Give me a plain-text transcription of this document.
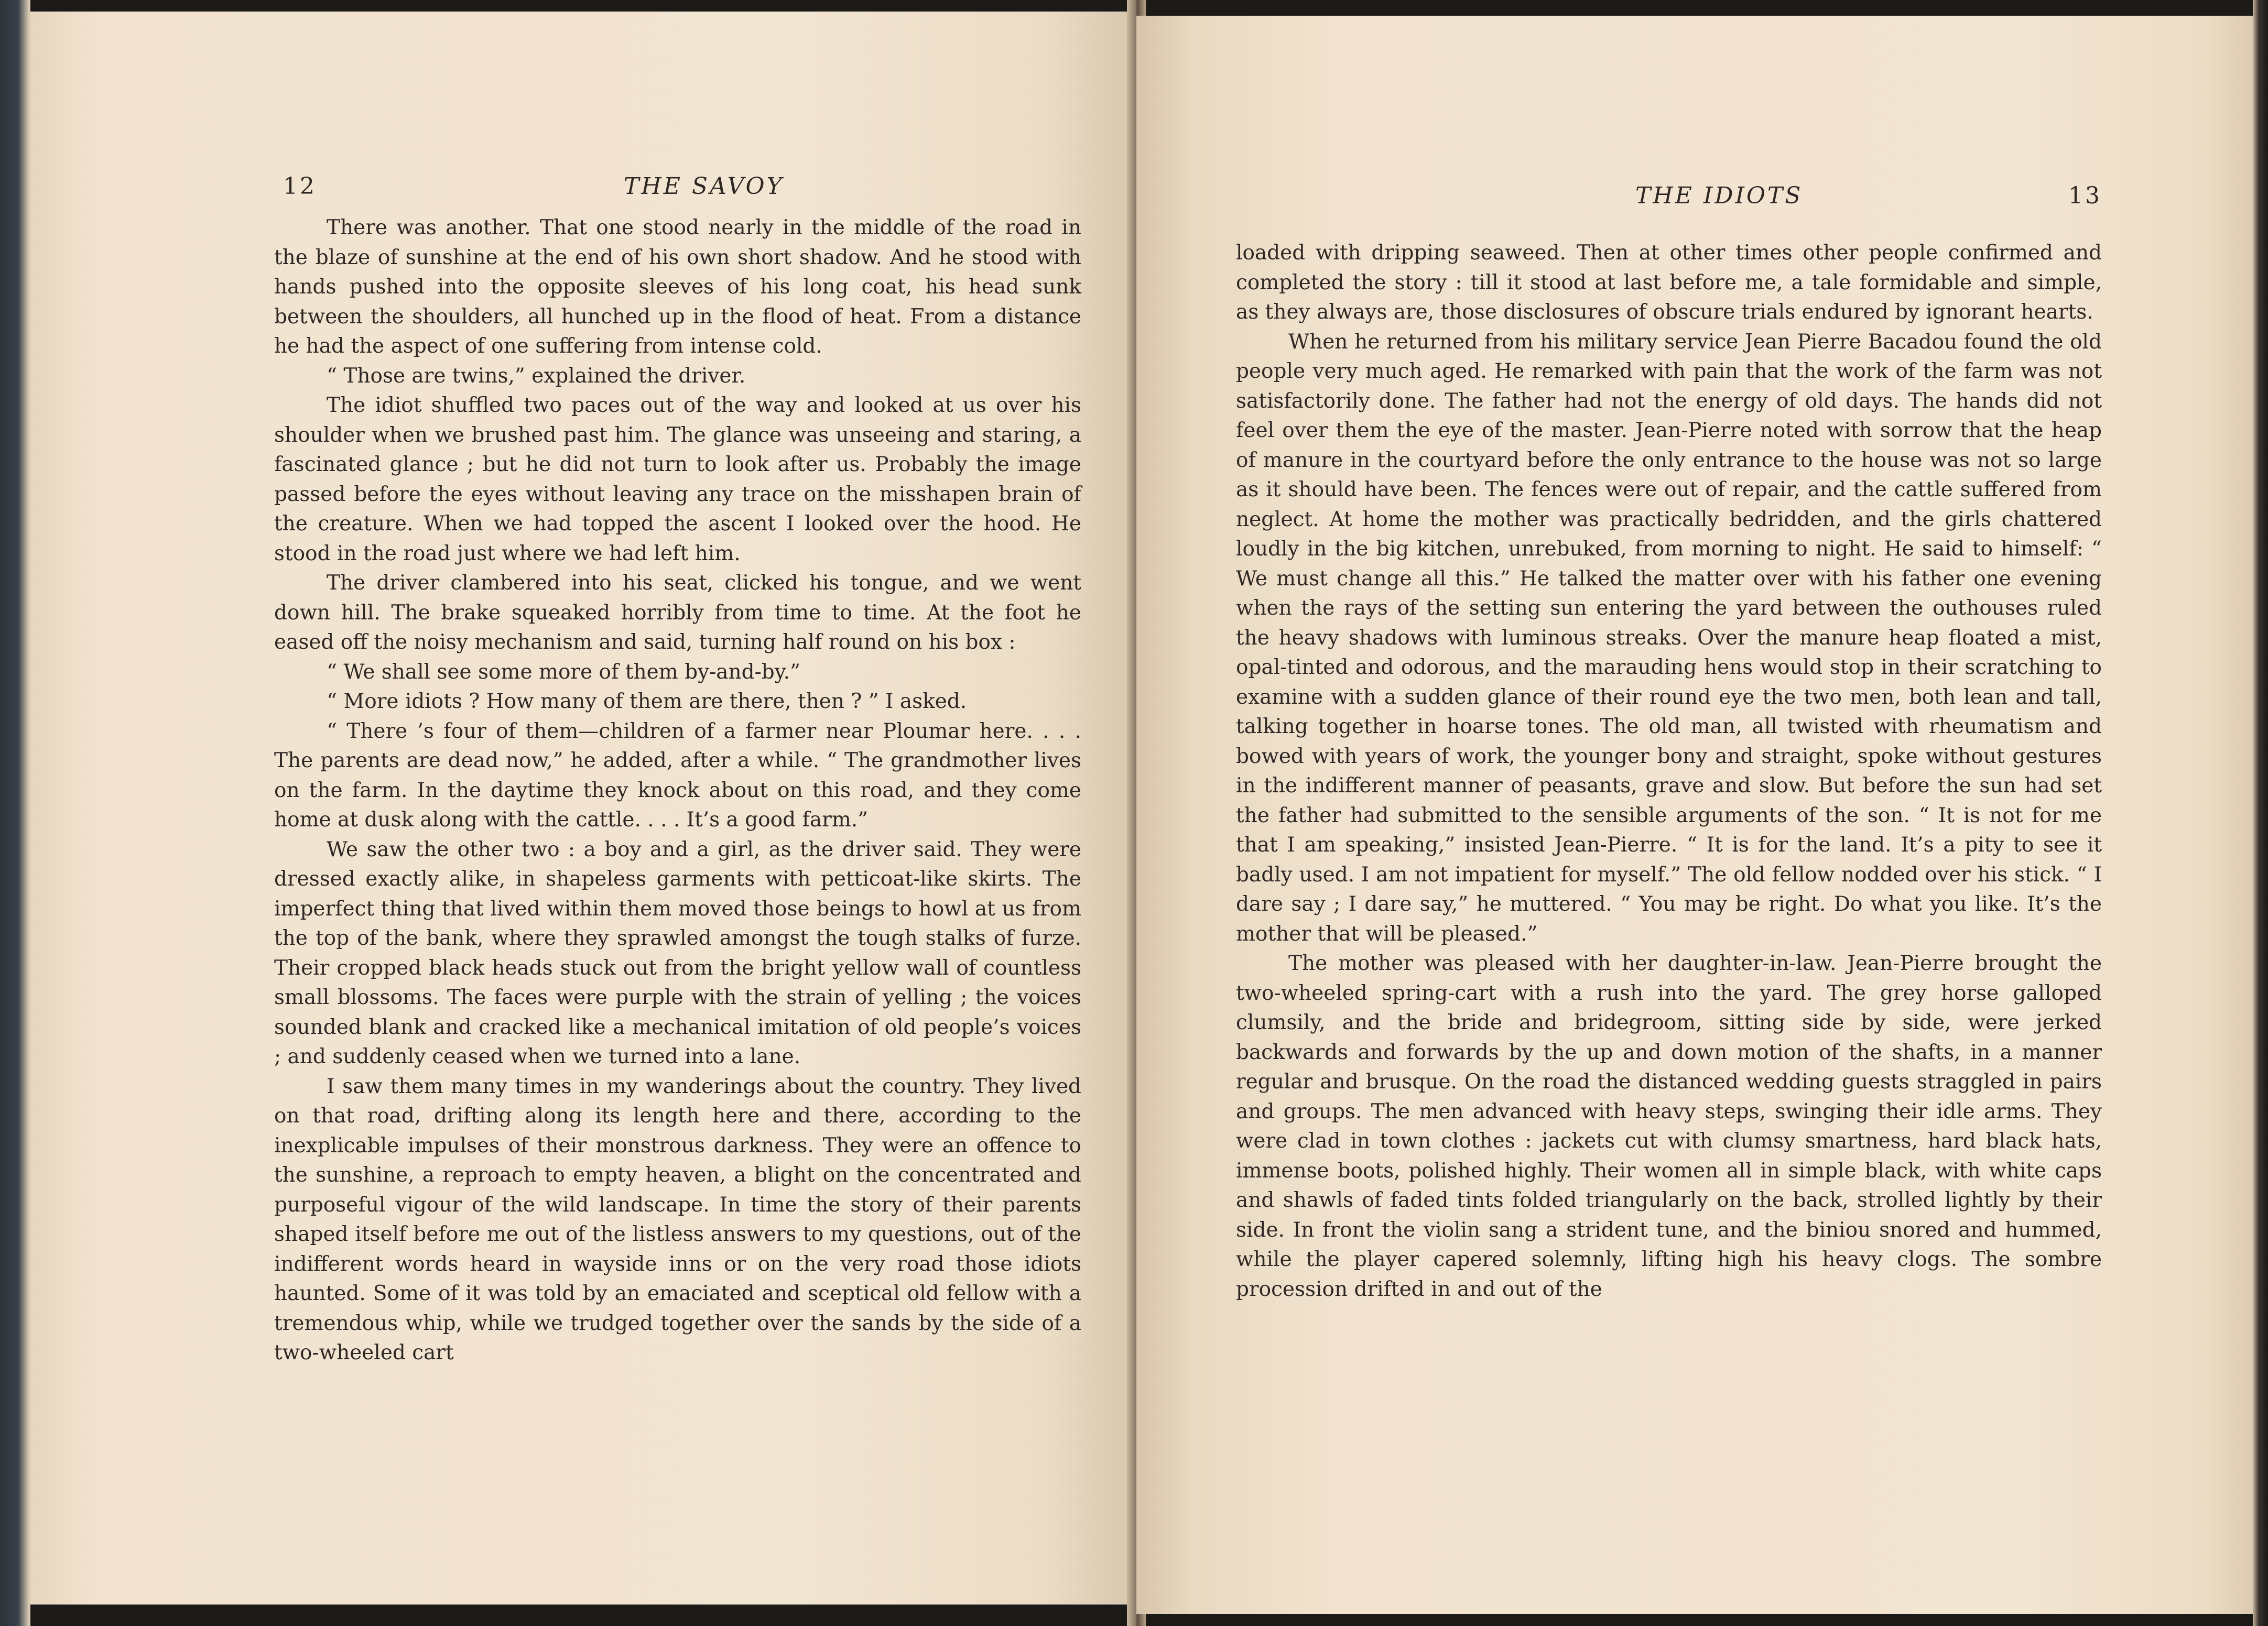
12	THE SAVOY

There was another. That one stood nearly in the middle of the road in the blaze of sunshine at the end of his own short shadow. And he stood with hands pushed into the opposite sleeves of his long coat, his head sunk between the shoulders, all hunched up in the flood of heat. From a distance he had the aspect of one suffering from intense cold.

“ Those are twins,” explained the driver.

The idiot shuffled two paces out of the way and looked at us over his shoulder when we brushed past him. The glance was unseeing and staring, a fascinated glance ; but he did not turn to look after us. Probably the image passed before the eyes without leaving any trace on the misshapen brain of the creature. When we had topped the ascent I looked over the hood. He stood in the road just where we had left him.

The driver clambered into his seat, clicked his tongue, and we went down hill. The brake squeaked horribly from time to time. At the foot he eased off the noisy mechanism and said, turning half round on his box :

“ We shall see some more of them by-and-by.”

“ More idiots ? How many of them are there, then ? ” I asked.

“ There ’s four of them—children of a farmer near Ploumar here. . . . The parents are dead now,” he added, after a while. “ The grandmother lives on the farm. In the daytime they knock about on this road, and they come home at dusk along with the cattle. . . . It’s a good farm.”

We saw the other two : a boy and a girl, as the driver said. They were dressed exactly alike, in shapeless garments with petticoat-like skirts. The imperfect thing that lived within them moved those beings to howl at us from the top of the bank, where they sprawled amongst the tough stalks of furze. Their cropped black heads stuck out from the bright yellow wall of countless small blossoms. The faces were purple with the strain of yelling ; the voices sounded blank and cracked like a mechanical imitation of old people’s voices ; and suddenly ceased when we turned into a lane.

I saw them many times in my wanderings about the country. They lived on that road, drifting along its length here and there, according to the inexplicable impulses of their monstrous darkness. They were an offence to the sunshine, a reproach to empty heaven, a blight on the concentrated and purposeful vigour of the wild landscape. In time the story of their parents shaped itself before me out of the listless answers to my questions, out of the indifferent words heard in wayside inns or on the very road those idiots haunted. Some of it was told by an emaciated and sceptical old fellow with a tremendous whip, while we trudged together over the sands by the side of a two-wheeled cart

THE IDIOTS	13

loaded with dripping seaweed. Then at other times other people confirmed and completed the story : till it stood at last before me, a tale formidable and simple, as they always are, those disclosures of obscure trials endured by ignorant hearts.

When he returned from his military service Jean Pierre Bacadou found the old people very much aged. He remarked with pain that the work of the farm was not satisfactorily done. The father had not the energy of old days. The hands did not feel over them the eye of the master. Jean-Pierre noted with sorrow that the heap of manure in the courtyard before the only entrance to the house was not so large as it should have been. The fences were out of repair, and the cattle suffered from neglect. At home the mother was practically bedridden, and the girls chattered loudly in the big kitchen, unrebuked, from morning to night. He said to himself: “ We must change all this.” He talked the matter over with his father one evening when the rays of the setting sun entering the yard between the outhouses ruled the heavy shadows with luminous streaks. Over the manure heap floated a mist, opal-tinted and odorous, and the marauding hens would stop in their scratching to examine with a sudden glance of their round eye the two men, both lean and tall, talking together in hoarse tones. The old man, all twisted with rheumatism and bowed with years of work, the younger bony and straight, spoke without gestures in the indifferent manner of peasants, grave and slow. But before the sun had set the father had submitted to the sensible arguments of the son. “ It is not for me that I am speaking,” insisted Jean-Pierre. “ It is for the land. It’s a pity to see it badly used. I am not impatient for myself.” The old fellow nodded over his stick. “ I dare say ; I dare say,” he muttered. “ You may be right. Do what you like. It’s the mother that will be pleased.”

The mother was pleased with her daughter-in-law. Jean-Pierre brought the two-wheeled spring-cart with a rush into the yard. The grey horse galloped clumsily, and the bride and bridegroom, sitting side by side, were jerked backwards and forwards by the up and down motion of the shafts, in a manner regular and brusque. On the road the distanced wedding guests straggled in pairs and groups. The men advanced with heavy steps, swinging their idle arms. They were clad in town clothes : jackets cut with clumsy smartness, hard black hats, immense boots, polished highly. Their women all in simple black, with white caps and shawls of faded tints folded triangularly on the back, strolled lightly by their side. In front the violin sang a strident tune, and the biniou snored and hummed, while the player capered solemnly, lifting high his heavy clogs. The sombre procession drifted in and out of the
